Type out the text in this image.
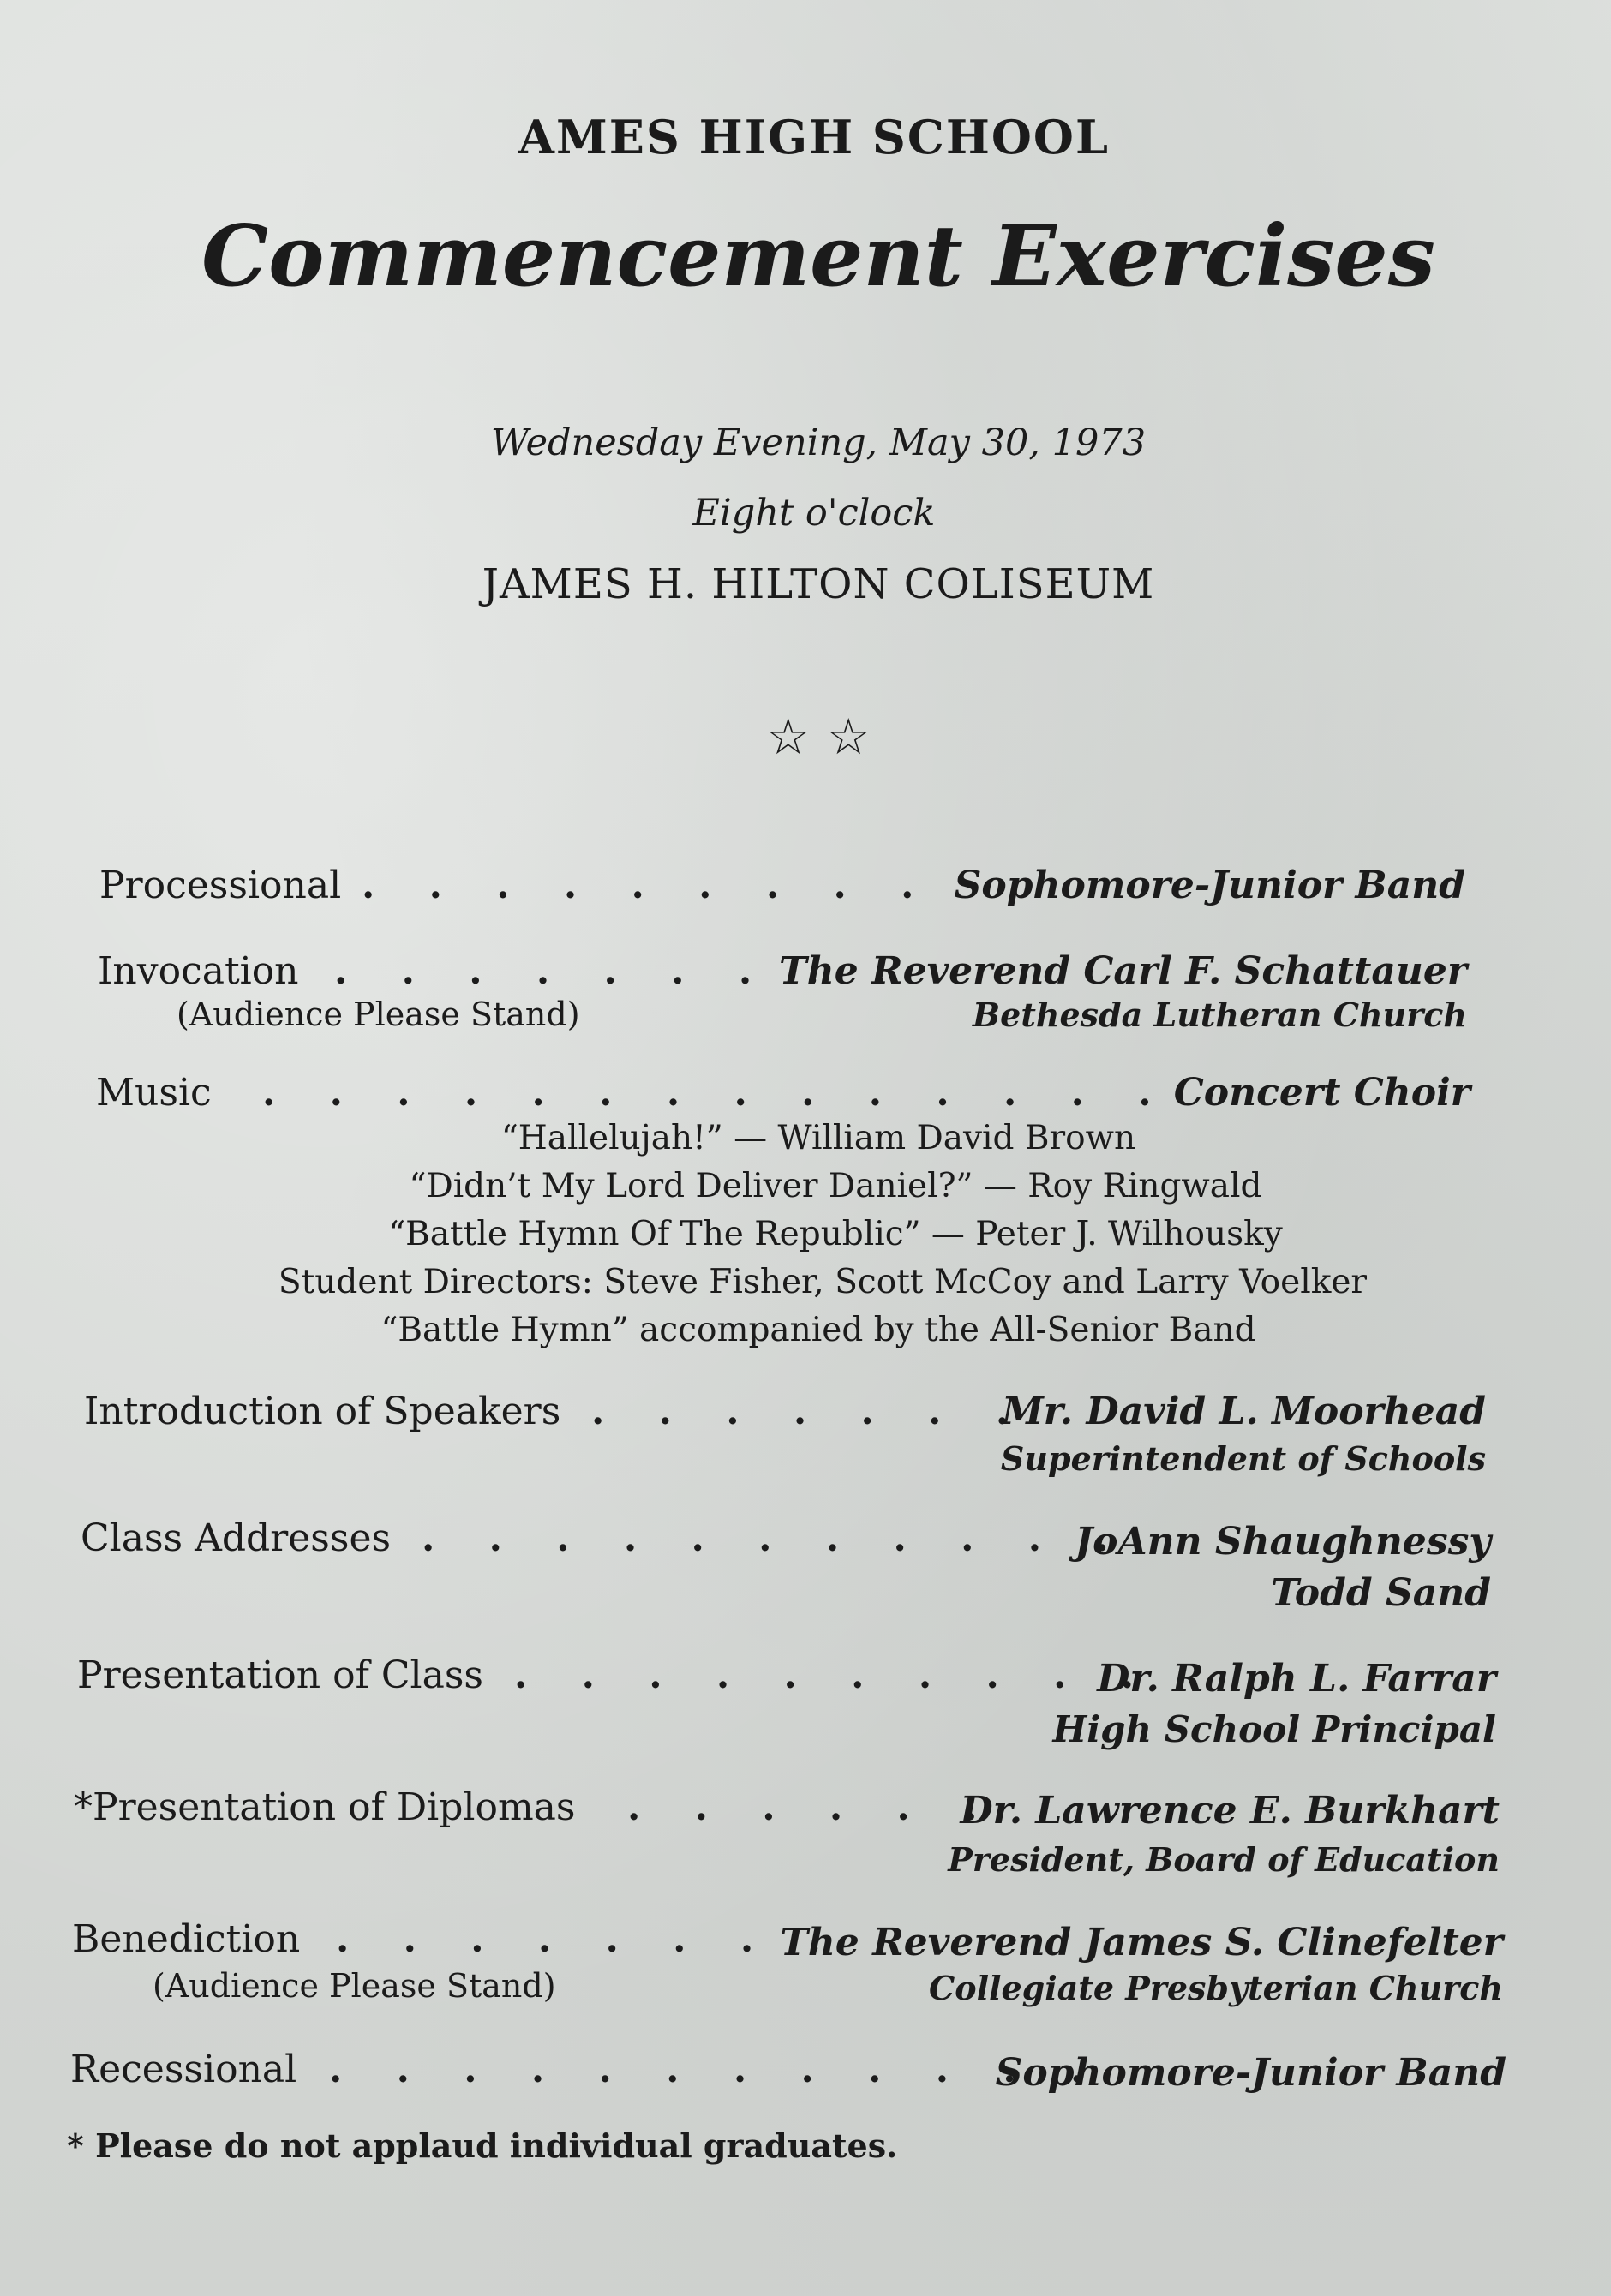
AMES HIGH SCHOOL
Commencement Exercises
Wednesday Evening, May 30, 1973
Eight o'clock
JAMES H. HILTON COLISEUM
☆ ☆
Processional . . . . . . . . . Sophomore-Junior Band
Invocation . . . . . . . . .
(Audience Please Stand)
The Reverend Carl F. Schattauer
Bethesda Lutheran Church
Music . . . . . . . . . . . . . . Concert Choir
“Hallelujah!” — William David Brown
“Didn’t My Lord Deliver Daniel?” — Roy Ringwald
“Battle Hymn Of The Republic” — Peter J. Wilhousky
Student Directors: Steve Fisher, Scott McCoy and Larry Voelker
“Battle Hymn” accompanied by the All-Senior Band
Introduction of Speakers . . . . . . .
Mr. David L. Moorhead
Superintendent of Schools
Class Addresses . . . . . . . . . . .
JoAnn Shaughnessy
Todd Sand
Presentation of Class . . . . . . . . . .
Dr. Ralph L. Farrar
High School Principal
*Presentation of Diplomas . . . . . .
Dr. Lawrence E. Burkhart
President, Board of Education
Benediction . . . . . . . .
(Audience Please Stand)
The Reverend James S. Clinefelter
Collegiate Presbyterian Church
Recessional . . . . . . . . . . . .
Sophomore-Junior Band
* Please do not applaud individual graduates.
